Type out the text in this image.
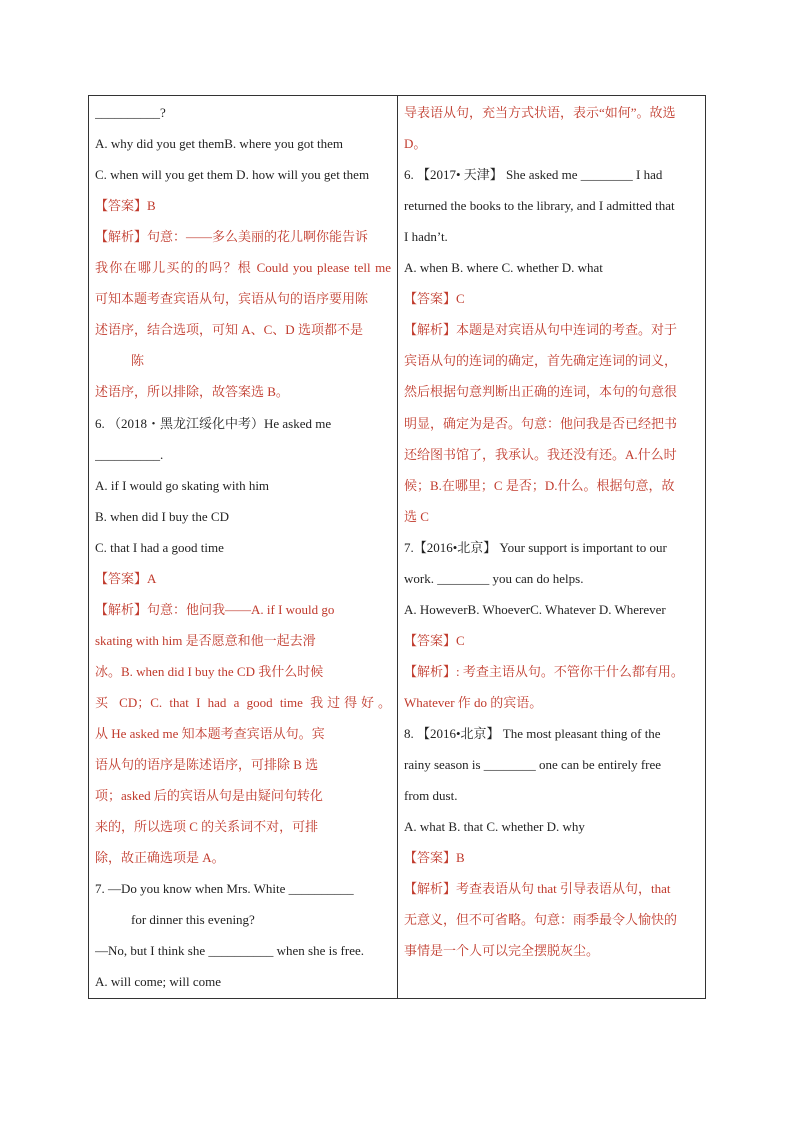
__________?
A. why did you get themB. where you got them
C. when will you get them D. how will you get them
【答案】B
【解析】句意：——多么美丽的花儿啊你能告诉
我你在哪儿买的的吗？根 Could you please tell me
可知本题考查宾语从句，宾语从句的语序要用陈
述语序，结合选项，可知 A、C、D 选项都不是
陈
述语序，所以排除，故答案选 B。
6. （2018・黑龙江绥化中考）He asked me
__________.
A. if I would go skating with him
B. when did I buy the CD
C. that I had a good time
【答案】A
【解析】句意：他问我——A. if I would go
skating with him 是否愿意和他一起去滑
冰。B. when did I buy the CD 我什么时候
买 CD；C. that I had a good time 我过得好。
从 He asked me 知本题考查宾语从句。宾
语从句的语序是陈述语序，可排除 B 选
项；asked 后的宾语从句是由疑问句转化
来的，所以选项 C 的关系词不对，可排
除，故正确选项是 A。
7. —Do you know when Mrs. White __________
for dinner this evening?
—No, but I think she __________ when she is free.
A. will come; will come
导表语从句，充当方式状语，表示“如何”。故选
D。
6. 【2017• 天津】 She asked me ________ I had
returned the books to the library, and I admitted that
I hadn’t.
A. when B. where C. whether D. what
【答案】C
【解析】本题是对宾语从句中连词的考查。对于
宾语从句的连词的确定，首先确定连词的词义，
然后根据句意判断出正确的连词，本句的句意很
明显，确定为是否。句意：他问我是否已经把书
还给图书馆了，我承认。我还没有还。A.什么时
候；B.在哪里；C 是否；D.什么。根据句意，故
选 C
7.【2016•北京】 Your support is important to our
work. ________ you can do helps.
A. HoweverB. WhoeverC. Whatever D. Wherever
【答案】C
【解析】: 考查主语从句。不管你干什么都有用。
Whatever 作 do 的宾语。
8. 【2016•北京】 The most pleasant thing of the
rainy season is ________ one can be entirely free
from dust.
A. what B. that C. whether D. why
【答案】B
【解析】考查表语从句 that 引导表语从句，that
无意义，但不可省略。句意：雨季最令人愉快的
事情是一个人可以完全摆脱灰尘。
